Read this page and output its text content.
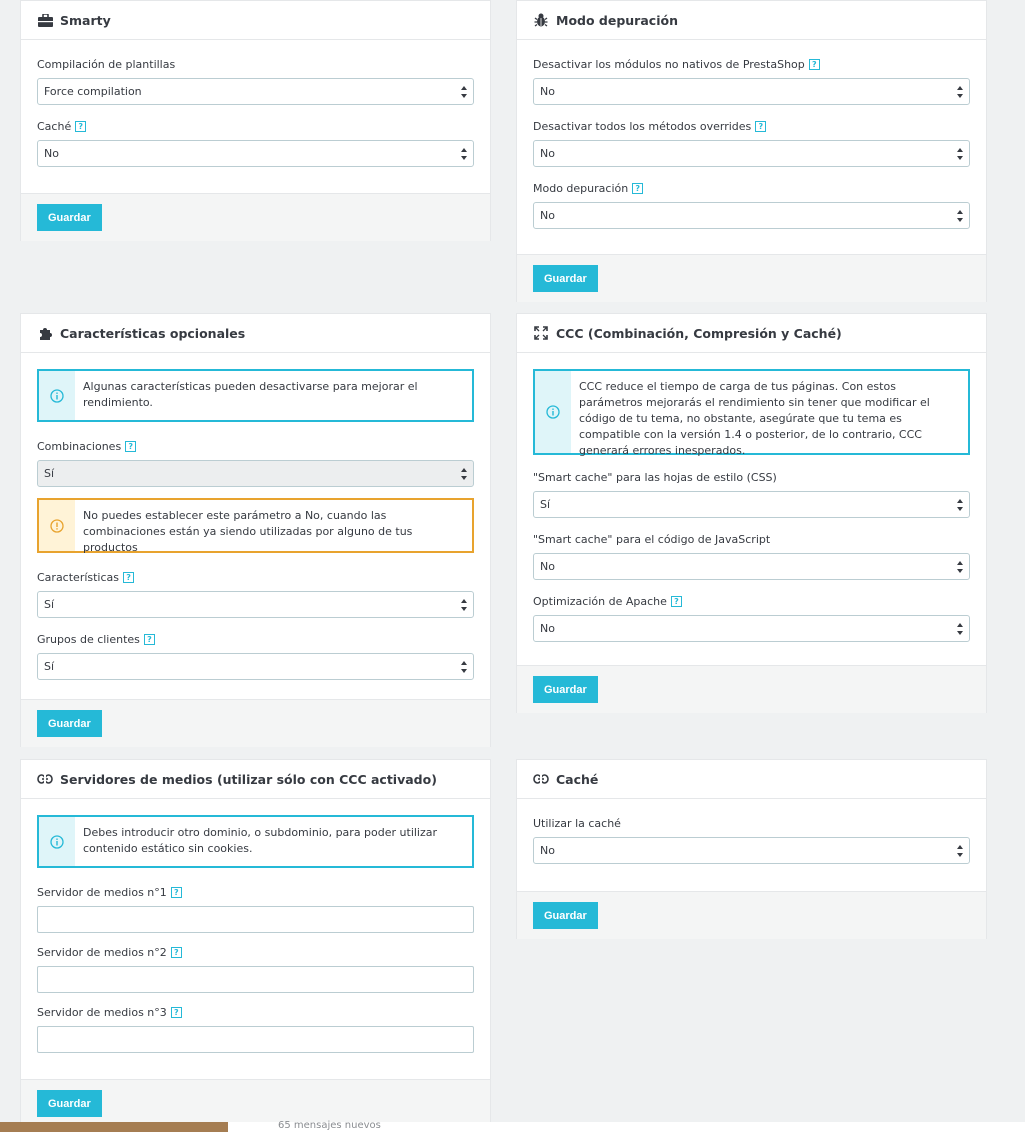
Smarty
Compilación de plantillas
Force compilation
Caché ?
No
Guardar
Modo depuración
Desactivar los módulos no nativos de PrestaShop ?
No
Desactivar todos los métodos overrides ?
No
Modo depuración ?
No
Guardar
Características opcionales
Algunas características pueden desactivarse para mejorar el rendimiento.
Combinaciones ?
Sí
No puedes establecer este parámetro a No, cuando las combinaciones están ya siendo utilizadas por alguno de tus productos
Características ?
Sí
Grupos de clientes ?
Sí
Guardar
CCC (Combinación, Compresión y Caché)
CCC reduce el tiempo de carga de tus páginas. Con estos parámetros mejorarás el rendimiento sin tener que modificar el código de tu tema, no obstante, asegúrate que tu tema es compatible con la versión 1.4 o posterior, de lo contrario, CCC generará errores inesperados.
"Smart cache" para las hojas de estilo (CSS)
Sí
"Smart cache" para el código de JavaScript
No
Optimización de Apache ?
No
Guardar
Servidores de medios (utilizar sólo con CCC activado)
Debes introducir otro dominio, o subdominio, para poder utilizar contenido estático sin cookies.
Servidor de medios n°1 ?
Servidor de medios n°2 ?
Servidor de medios n°3 ?
Guardar
Caché
Utilizar la caché
No
Guardar
65 mensajes nuevos
